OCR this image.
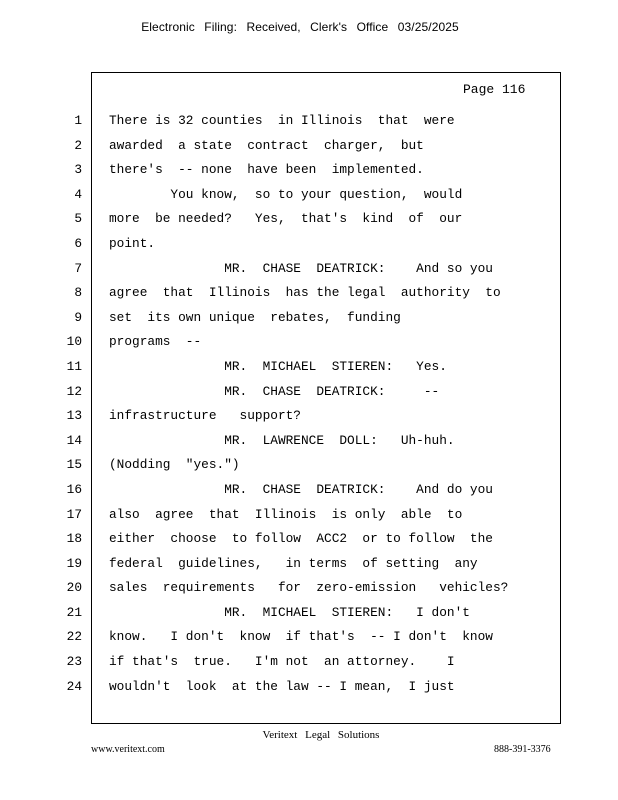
Electronic Filing: Received, Clerk's Office 03/25/2025
Page 116
1 There is 32 counties  in Illinois  that  were
2 awarded  a state  contract  charger,  but
3 there's  -- none  have been  implemented.
4 You know,  so to your question,  would
5 more  be needed?   Yes,  that's  kind  of  our
6 point.
7 MR.  CHASE  DEATRICK:    And so you
8 agree  that  Illinois  has the legal  authority  to
9 set  its own unique  rebates,  funding
10 programs  --
11 MR.  MICHAEL  STIEREN:   Yes.
12 MR.  CHASE  DEATRICK:     --
13 infrastructure   support?
14 MR.  LAWRENCE  DOLL:   Uh-huh.
15 (Nodding  "yes.")
16 MR.  CHASE  DEATRICK:    And do you
17 also  agree  that  Illinois  is only  able  to
18 either  choose  to follow  ACC2  or to follow  the
19 federal  guidelines,   in terms  of setting  any
20 sales  requirements   for  zero-emission   vehicles?
21 MR.  MICHAEL  STIEREN:   I don't
22 know.   I don't  know  if that's  -- I don't  know
23 if that's  true.   I'm not  an attorney.    I
24 wouldn't  look  at the law -- I mean,  I just
Veritext Legal Solutions
www.veritext.com	888-391-3376
